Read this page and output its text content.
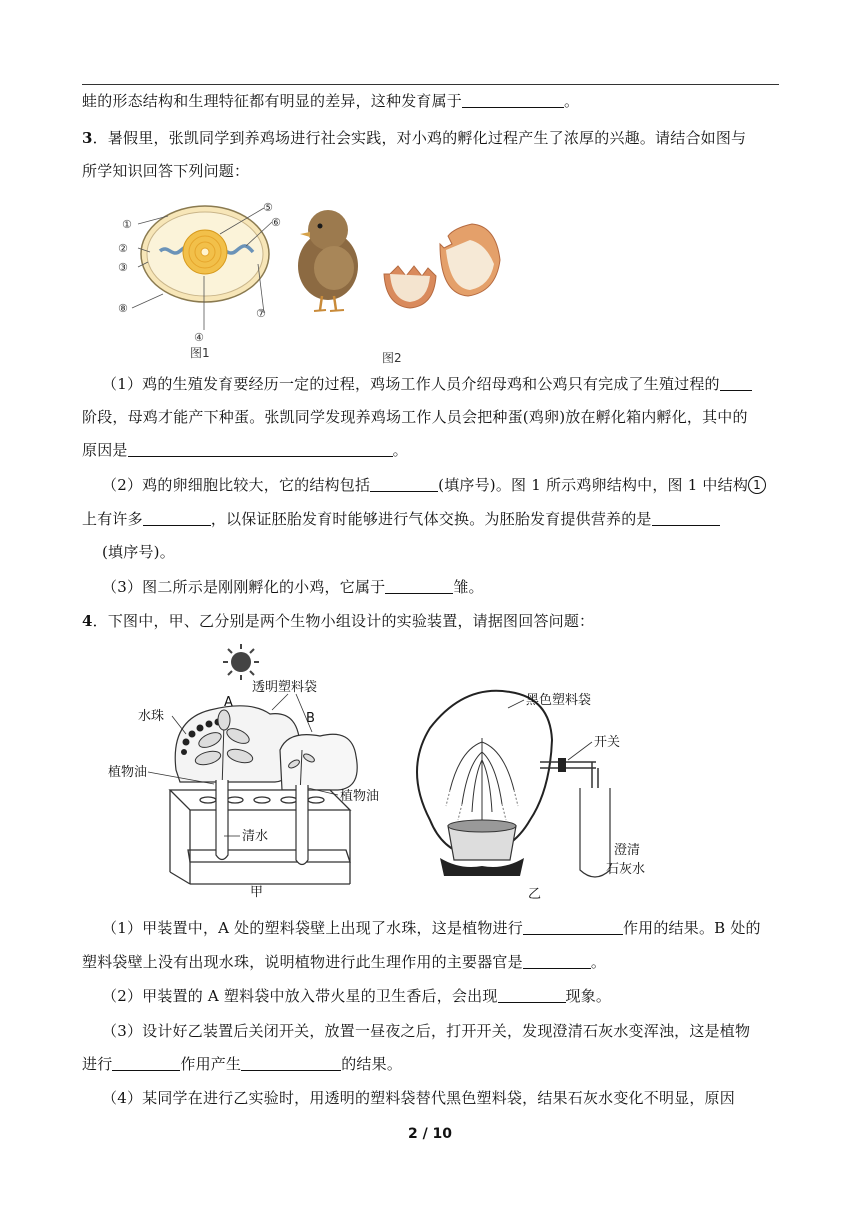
蛙的形态结构和生理特征都有明显的差异，这种发育属于	。
3．暑假里，张凯同学到养鸡场进行社会实践，对小鸡的孵化过程产生了浓厚的兴趣。请结合如图与
所学知识回答下列问题：
①
②
③
④
⑤
⑥
⑦
⑧
图1	图2
（1）鸡的生殖发育要经历一定的过程，鸡场工作人员介绍母鸡和公鸡只有完成了生殖过程的
阶段，母鸡才能产下种蛋。张凯同学发现养鸡场工作人员会把种蛋(鸡卵)放在孵化箱内孵化，其中的
原因是	。
（2）鸡的卵细胞比较大，它的结构包括	(填序号)。图 1 所示鸡卵结构中，图 1 中结构 1
上有许多	，以保证胚胎发育时能够进行气体交换。为胚胎发育提供营养的是
(填序号)。
（3）图二所示是刚刚孵化的小鸡，它属于	雏。
4．下图中，甲、乙分别是两个生物小组设计的实验装置，请据图回答问题：
透明塑料袋
A
B
水珠
植物油
植物油
清水
甲
黑色塑料袋
开关
澄清
石灰水
乙
（1）甲装置中，A 处的塑料袋壁上出现了水珠，这是植物进行	作用的结果。B 处的
塑料袋壁上没有出现水珠，说明植物进行此生理作用的主要器官是	。
（2）甲装置的 A 塑料袋中放入带火星的卫生香后，会出现	现象。
（3）设计好乙装置后关闭开关，放置一昼夜之后，打开开关，发现澄清石灰水变浑浊，这是植物
进行	作用产生	的结果。
（4）某同学在进行乙实验时，用透明的塑料袋替代黑色塑料袋，结果石灰水变化不明显，原因
2 / 10
